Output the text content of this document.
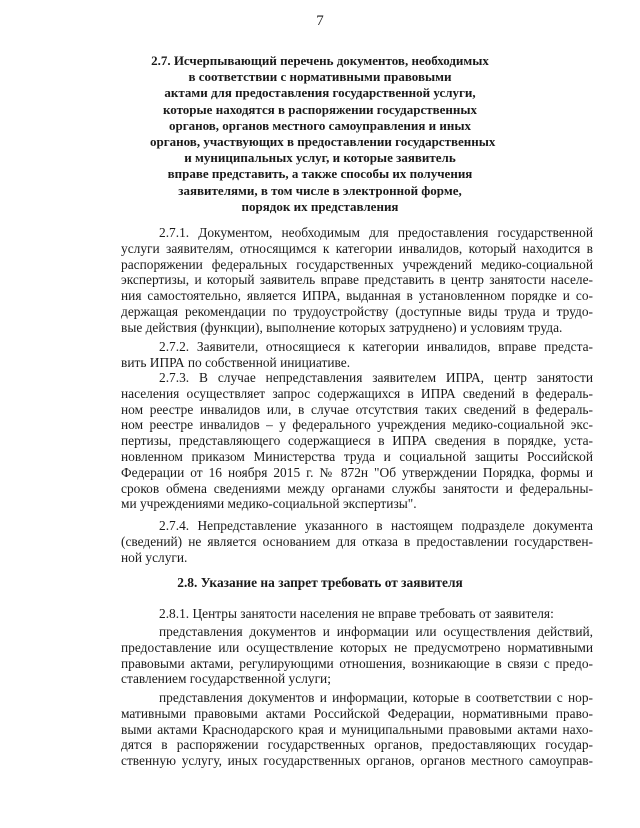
7
2.7. Исчерпывающий перечень документов, необходимых
в соответствии с нормативными правовыми
актами для предоставления государственной услуги,
которые находятся в распоряжении государственных
органов, органов местного самоуправления и иных
органов, участвующих в предоставлении государственных
и муниципальных услуг, и которые заявитель
вправе представить, а также способы их получения
заявителями, в том числе в электронной форме,
порядок их представления
2.7.1. Документом, необходимым для предоставления государственной
услуги заявителям, относящимся к категории инвалидов, который находится в
распоряжении федеральных государственных учреждений медико-социальной
экспертизы, и который заявитель вправе представить в центр занятости населе-
ния самостоятельно, является ИПРА, выданная в установленном порядке и со-
держащая рекомендации по трудоустройству (доступные виды труда и трудо-
вые действия (функции), выполнение которых затруднено) и условиям труда.
2.7.2. Заявители, относящиеся к категории инвалидов, вправе предста-
вить ИПРА по собственной инициативе.
2.7.3. В случае непредставления заявителем ИПРА, центр занятости
населения осуществляет запрос содержащихся в ИПРА сведений в федераль-
ном реестре инвалидов или, в случае отсутствия таких сведений в федераль-
ном реестре инвалидов – у федерального учреждения медико-социальной экс-
пертизы, представляющего содержащиеся в ИПРА сведения в порядке, уста-
новленном приказом Министерства труда и социальной защиты Российской
Федерации от 16 ноября 2015 г. № 872н "Об утверждении Порядка, формы и
сроков обмена сведениями между органами службы занятости и федеральны-
ми учреждениями медико-социальной экспертизы".
2.7.4. Непредставление указанного в настоящем подразделе документа
(сведений) не является основанием для отказа в предоставлении государствен-
ной услуги.
2.8. Указание на запрет требовать от заявителя
2.8.1. Центры занятости населения не вправе требовать от заявителя:
представления документов и информации или осуществления действий,
предоставление или осуществление которых не предусмотрено нормативными
правовыми актами, регулирующими отношения, возникающие в связи с предо-
ставлением государственной услуги;
представления документов и информации, которые в соответствии с нор-
мативными правовыми актами Российской Федерации, нормативными право-
выми актами Краснодарского края и муниципальными правовыми актами нахо-
дятся в распоряжении государственных органов, предоставляющих государ-
ственную услугу, иных государственных органов, органов местного самоуправ-
